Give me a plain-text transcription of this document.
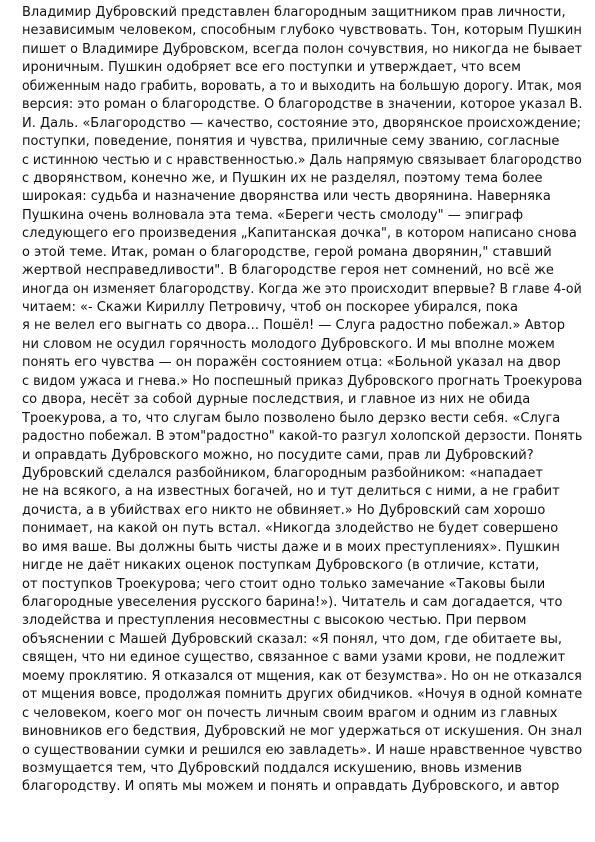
Владимир Дубровский представлен благородным защитником прав личности,
независимым человеком, способным глубоко чувствовать. Тон, которым Пушкин
пишет о Владимире Дубровском, всегда полон сочувствия, но никогда не бывает
ироничным. Пушкин одобряет все его поступки и утверждает, что всем
обиженным надо грабить, воровать, а то и выходить на большую дорогу. Итак, моя
версия: это роман о благородстве. О благородстве в значении, которое указал В.
И. Даль. «Благородство — качество, состояние это, дворянское происхождение;
поступки, поведение, понятия и чувства, приличные сему званию, согласные
с истинною честью и с нравственностью.» Даль напрямую связывает благородство
с дворянством, конечно же, и Пушкин их не разделял, поэтому тема более
широкая: судьба и назначение дворянства или честь дворянина. Наверняка
Пушкина очень волновала эта тема. «Береги честь смолоду" — эпиграф
следующего его произведения „Капитанская дочка", в котором написано снова
о этой теме. Итак, роман о благородстве, герой романа дворянин," ставший
жертвой несправедливости". В благородстве героя нет сомнений, но всё же
иногда он изменяет благородству. Когда же это происходит впервые? В главе 4-ой
читаем: «- Скажи Кириллу Петровичу, чтоб он поскорее убирался, пока
я не велел его выгнать со двора... Пошёл! — Слуга радостно побежал.» Автор
ни словом не осудил горячность молодого Дубровского. И мы вполне можем
понять его чувства — он поражён состоянием отца: «Больной указал на двор
с видом ужаса и гнева.» Но поспешный приказ Дубровского прогнать Троекурова
со двора, несёт за собой дурные последствия, и главное из них не обида
Троекурова, а то, что слугам было позволено было дерзко вести себя. «Слуга
радостно побежал. В этом"радостно" какой-то разгул холопской дерзости. Понять
и оправдать Дубровского можно, но посудите сами, прав ли Дубровский?
Дубровский сделался разбойником, благородным разбойником: «нападает
не на всякого, а на известных богачей, но и тут делиться с ними, а не грабит
дочиста, а в убийствах его никто не обвиняет.» Но Дубровский сам хорошо
понимает, на какой он путь встал. «Никогда злодейство не будет совершено
во имя ваше. Вы должны быть чисты даже и в моих преступлениях». Пушкин
нигде не даёт никаких оценок поступкам Дубровского (в отличие, кстати,
от поступков Троекурова; чего стоит одно только замечание «Таковы были
благородные увеселения русского барина!»). Читатель и сам догадается, что
злодейства и преступления несовместны с высокою честью. При первом
объяснении с Машей Дубровский сказал: «Я понял, что дом, где обитаете вы,
священ, что ни единое существо, связанное с вами узами крови, не подлежит
моему проклятию. Я отказался от мщения, как от безумства». Но он не отказался
от мщения вовсе, продолжая помнить других обидчиков. «Ночуя в одной комнате
с человеком, коего мог он почесть личным своим врагом и одним из главных
виновников его бедствия, Дубровский не мог удержаться от искушения. Он знал
о существовании сумки и решился ею завладеть». И наше нравственное чувство
возмущается тем, что Дубровский поддался искушению, вновь изменив
благородству. И опять мы можем и понять и оправдать Дубровского, и автор
